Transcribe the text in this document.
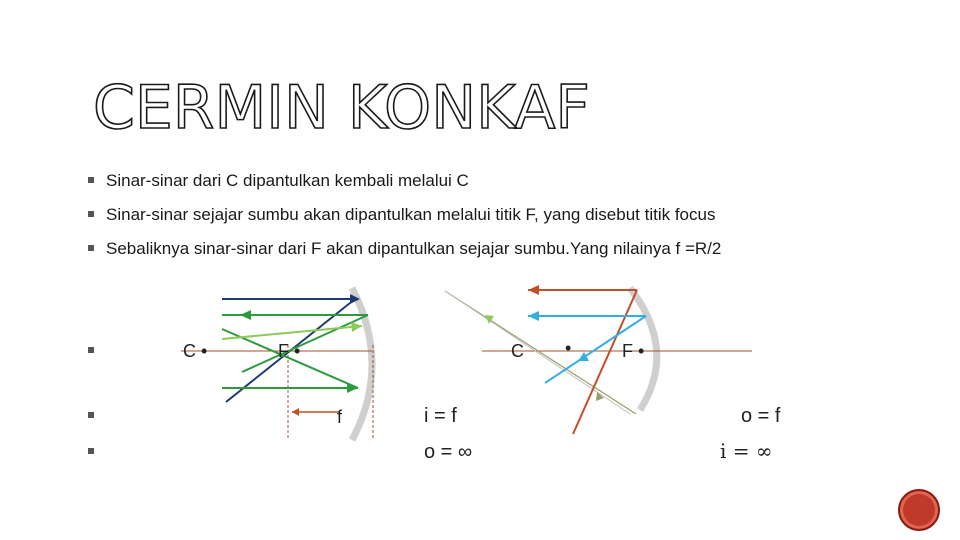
CERMIN KONKAF
Sinar-sinar dari C dipantulkan kembali melalui C
Sinar-sinar sejajar sumbu akan dipantulkan melalui titik F, yang disebut titik focus
Sebaliknya sinar-sinar dari F akan dipantulkan sejajar sumbu.Yang nilainya f =R/2
C •	F •
f
C •	F •
i = f
o = ∞
o = f
i = ∞
